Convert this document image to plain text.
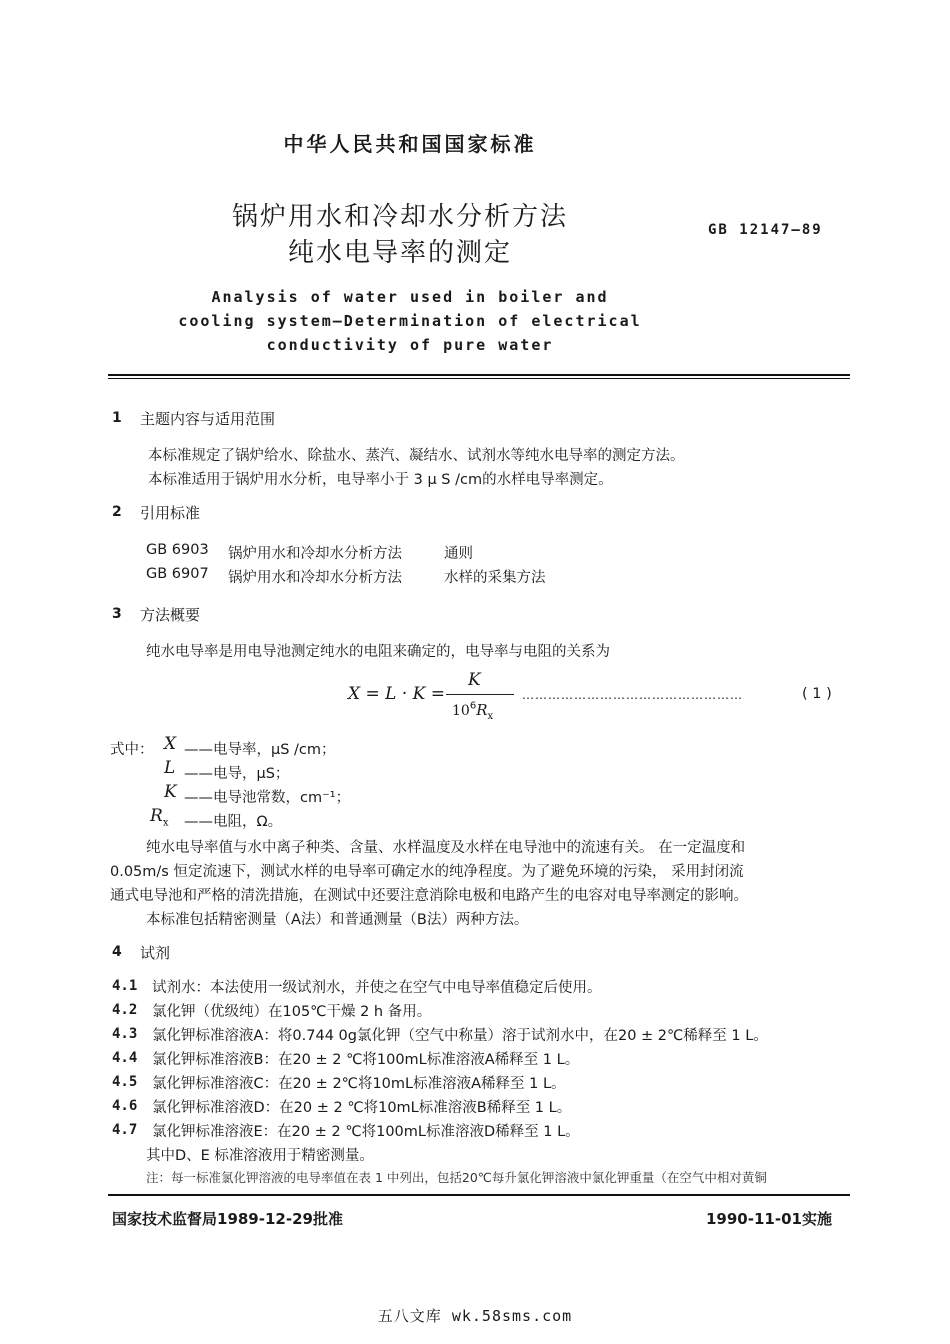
中华人民共和国国家标准
锅炉用水和冷却水分析方法
纯水电导率的测定
GB 12147—89
Analysis of water used in boiler and
cooling system—Determination of electrical
conductivity of pure water
1 主题内容与适用范围
本标准规定了锅炉给水、除盐水、蒸汽、凝结水、试剂水等纯水电导率的测定方法。
本标准适用于锅炉用水分析，电导率小于 3 μ S /cm的水样电导率测定。
2 引用标准
GB 6903 锅炉用水和冷却水分析方法	通则
GB 6907 锅炉用水和冷却水分析方法	水样的采集方法
3 方法概要
纯水电导率是用电导池测定纯水的电阻来确定的，电导率与电阻的关系为
X = L · K =
K
$10^6R_x$
……………………………………………	( 1 )
式中： X ——电导率，μS /cm；
L ——电导，μS；
K ——电导池常数，cm⁻¹；
$R_x$ ——电阻，Ω。
纯水电导率值与水中离子种类、含量、水样温度及水样在电导池中的流速有关。 在一定温度和
0.05m/s 恒定流速下，测试水样的电导率可确定水的纯净程度。为了避免环境的污染， 采用封闭流
通式电导池和严格的清洗措施，在测试中还要注意消除电极和电路产生的电容对电导率测定的影响。
本标准包括精密测量（A法）和普通测量（B法）两种方法。
4 试剂
4.1 试剂水：本法使用一级试剂水，并使之在空气中电导率值稳定后使用。
4.2 氯化钾（优级纯）在105℃干燥 2 h 备用。
4.3 氯化钾标准溶液A：将0.744 0g氯化钾（空气中称量）溶于试剂水中，在20 ± 2℃稀释至 1 L。
4.4 氯化钾标准溶液B：在20 ± 2 ℃将100mL标准溶液A稀释至 1 L。
4.5 氯化钾标准溶液C：在20 ± 2℃将10mL标准溶液A稀释至 1 L。
4.6 氯化钾标准溶液D：在20 ± 2 ℃将10mL标准溶液B稀释至 1 L。
4.7 氯化钾标准溶液E：在20 ± 2 ℃将100mL标准溶液D稀释至 1 L。
其中D、E 标准溶液用于精密测量。
注：每一标准氯化钾溶液的电导率值在表 1 中列出，包括20℃每升氯化钾溶液中氯化钾重量（在空气中相对黄铜
国家技术监督局1989-12-29批准	1990-11-01实施
五八文库 wk.58sms.com
